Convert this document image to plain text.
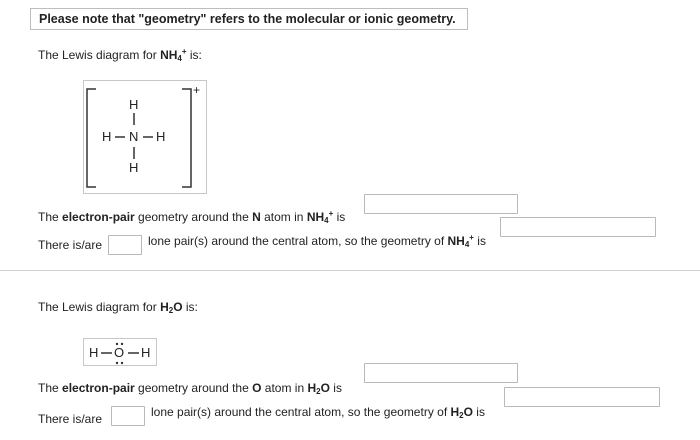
Please note that "geometry" refers to the molecular or ionic geometry.
The Lewis diagram for $NH_4^+$ is:
H
H N H
H
+
The electron-pair geometry around the N atom in $NH_4^+$ is
There is/are	lone pair(s) around the central atom, so the geometry of $NH_4^+$ is
The Lewis diagram for $H_2O$ is:
H O H
The electron-pair geometry around the O atom in $H_2O$ is
There is/are	lone pair(s) around the central atom, so the geometry of $H_2O$ is
